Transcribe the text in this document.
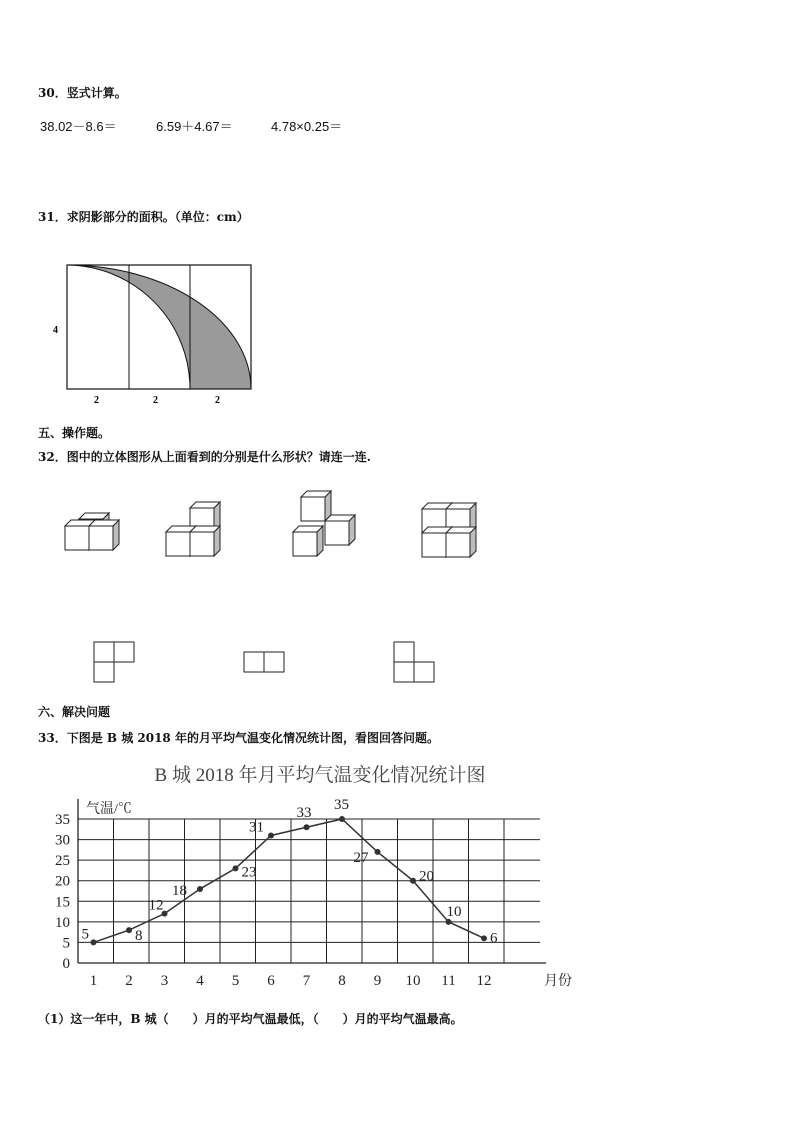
30．竖式计算。
38.02－8.6＝	6.59＋4.67＝	4.78×0.25＝
31．求阴影部分的面积。（单位：cm）
4
2	2	2
五、操作题。
32．图中的立体图形从上面看到的分别是什么形状？请连一连.
六、解决问题
33．下图是 B 城 2018 年的月平均气温变化情况统计图，看图回答问题。
B 城 2018 年月平均气温变化情况统计图
气温/℃
月份
0
5
10
15
20
25
30
35
1 2 3 4 5 6 7 8 9 10 11 12
5	8
12
18
23
31
33
35
27
20
10
6
（1）这一年中，B 城（　　）月的平均气温最低，（　　）月的平均气温最高。
